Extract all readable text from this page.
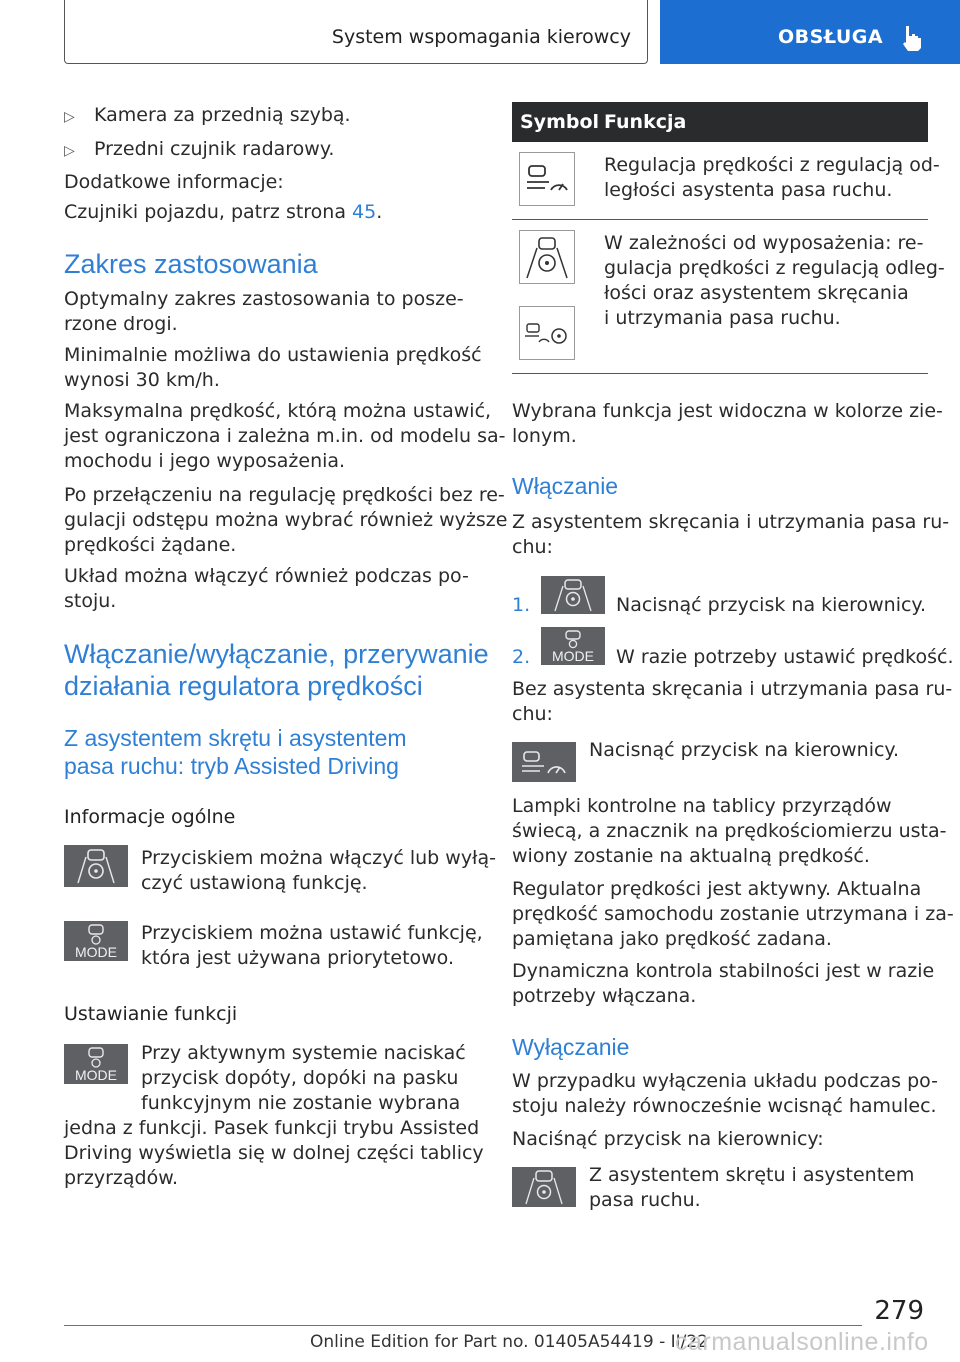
System wspomagania kierowcy	OBSŁUGA
▷ Kamera za przednią szybą.
▷ Przedni czujnik radarowy.
Dodatkowe informacje:
Czujniki pojazdu, patrz strona 45.
Zakres zastosowania
Optymalny zakres zastosowania to posze-
rzone drogi.
Minimalnie możliwa do ustawienia prędkość
wynosi 30 km/h.
Maksymalna prędkość, którą można ustawić,
jest ograniczona i zależna m.in. od modelu sa-
mochodu i jego wyposażenia.
Po przełączeniu na regulację prędkości bez re-
gulacji odstępu można wybrać również wyższe
prędkości żądane.
Układ można włączyć również podczas po-
stoju.
Włączanie/wyłączanie, przerywanie
działania regulatora prędkości
Z asystentem skrętu i asystentem
pasa ruchu: tryb Assisted Driving
Informacje ogólne
Przyciskiem można włączyć lub wyłą-
czyć ustawioną funkcję.
MODE
Przyciskiem można ustawić funkcję,
która jest używana priorytetowo.
Ustawianie funkcji
MODE
Przy aktywnym systemie naciskać
przycisk dopóty, dopóki na pasku
funkcyjnym nie zostanie wybrana
jedna z funkcji. Pasek funkcji trybu Assisted
Driving wyświetla się w dolnej części tablicy
przyrządów.
Symbol Funkcja
Regulacja prędkości z regulacją od-
ległości asystenta pasa ruchu.
W zależności od wyposażenia: re-
gulacja prędkości z regulacją odleg-
łości oraz asystentem skręcania
i utrzymania pasa ruchu.
Wybrana funkcja jest widoczna w kolorze zie-
lonym.
Włączanie
Z asystentem skręcania i utrzymania pasa ru-
chu:
1.	Nacisnąć przycisk na kierownicy.
2.	MODE	W razie potrzeby ustawić prędkość.
Bez asystenta skręcania i utrzymania pasa ru-
chu:
Nacisnąć przycisk na kierownicy.
Lampki kontrolne na tablicy przyrządów
świecą, a znacznik na prędkościomierzu usta-
wiony zostanie na aktualną prędkość.
Regulator prędkości jest aktywny. Aktualna
prędkość samochodu zostanie utrzymana i za-
pamiętana jako prędkość zadana.
Dynamiczna kontrola stabilności jest w razie
potrzeby włączana.
Wyłączanie
W przypadku wyłączenia układu podczas po-
stoju należy równocześnie wcisnąć hamulec.
Naciśnąć przycisk na kierownicy:
Z asystentem skrętu i asystentem
pasa ruchu.
279
Online Edition for Part no. 01405A54419 - II/22
carmanualsonline.info
